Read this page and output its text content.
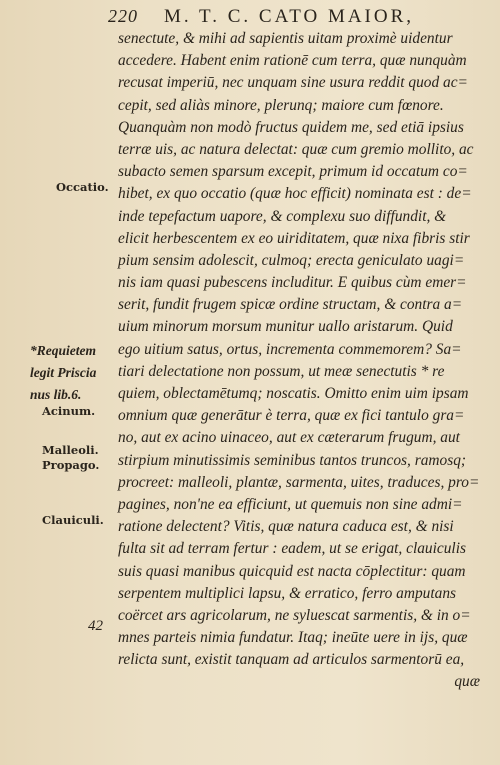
220 M. T. C. CATO MAIOR,
senectute, & mihi ad sapientis uitam proximè uidentur
accedere. Habent enim rationē cum terra, quæ nunquàm
recusat imperiū, nec unquam sine usura reddit quod ac=
cepit, sed aliàs minore, plerunq; maiore cum fœnore.
Quanquàm non modò fructus quidem me, sed etiā ipsius
terræ uis, ac natura delectat: quæ cum gremio mollito, ac
subacto semen sparsum excepit, primum id occatum co=
hibet, ex quo occatio (quæ hoc efficit) nominata est : de=
inde tepefactum uapore, & complexu suo diffundit, &
elicit herbescentem ex eo uiriditatem, quæ nixa fibris stir
pium sensim adolescit, culmoq; erecta geniculato uagi=
nis iam quasi pubescens includitur. E quibus cùm emer=
serit, fundit frugem spicæ ordine structam, & contra a=
uium minorum morsum munitur uallo aristarum. Quid
ego uitium satus, ortus, incrementa commemorem? Sa=
tiari delectatione non possum, ut meæ senectutis * re
quiem, oblectamētumq; noscatis. Omitto enim uim ipsam
omnium quæ generātur è terra, quæ ex fici tantulo gra=
no, aut ex acino uinaceo, aut ex cæterarum frugum, aut
stirpium minutissimis seminibus tantos truncos, ramosq;
procreet: malleoli, plantæ, sarmenta, uites, traduces, pro=
pagines, non'ne ea efficiunt, ut quemuis non sine admi=
ratione delectent? Vitis, quæ natura caduca est, & nisi
fulta sit ad terram fertur : eadem, ut se erigat, clauiculis
suis quasi manibus quicquid est nacta cōplectitur: quam
serpentem multiplici lapsu, & erratico, ferro amputans
coërcet ars agricolarum, ne syluescat sarmentis, & in o=
mnes parteis nimia fundatur. Itaq; ineūte uere in ijs, quæ
relicta sunt, existit tanquam ad articulos sarmentorū ea,
quæ
Occatio.
*Requietem
legit Priscia
nus lib.6.
Acinum.
Malleoli.
Propago.
Clauiculi.
42
